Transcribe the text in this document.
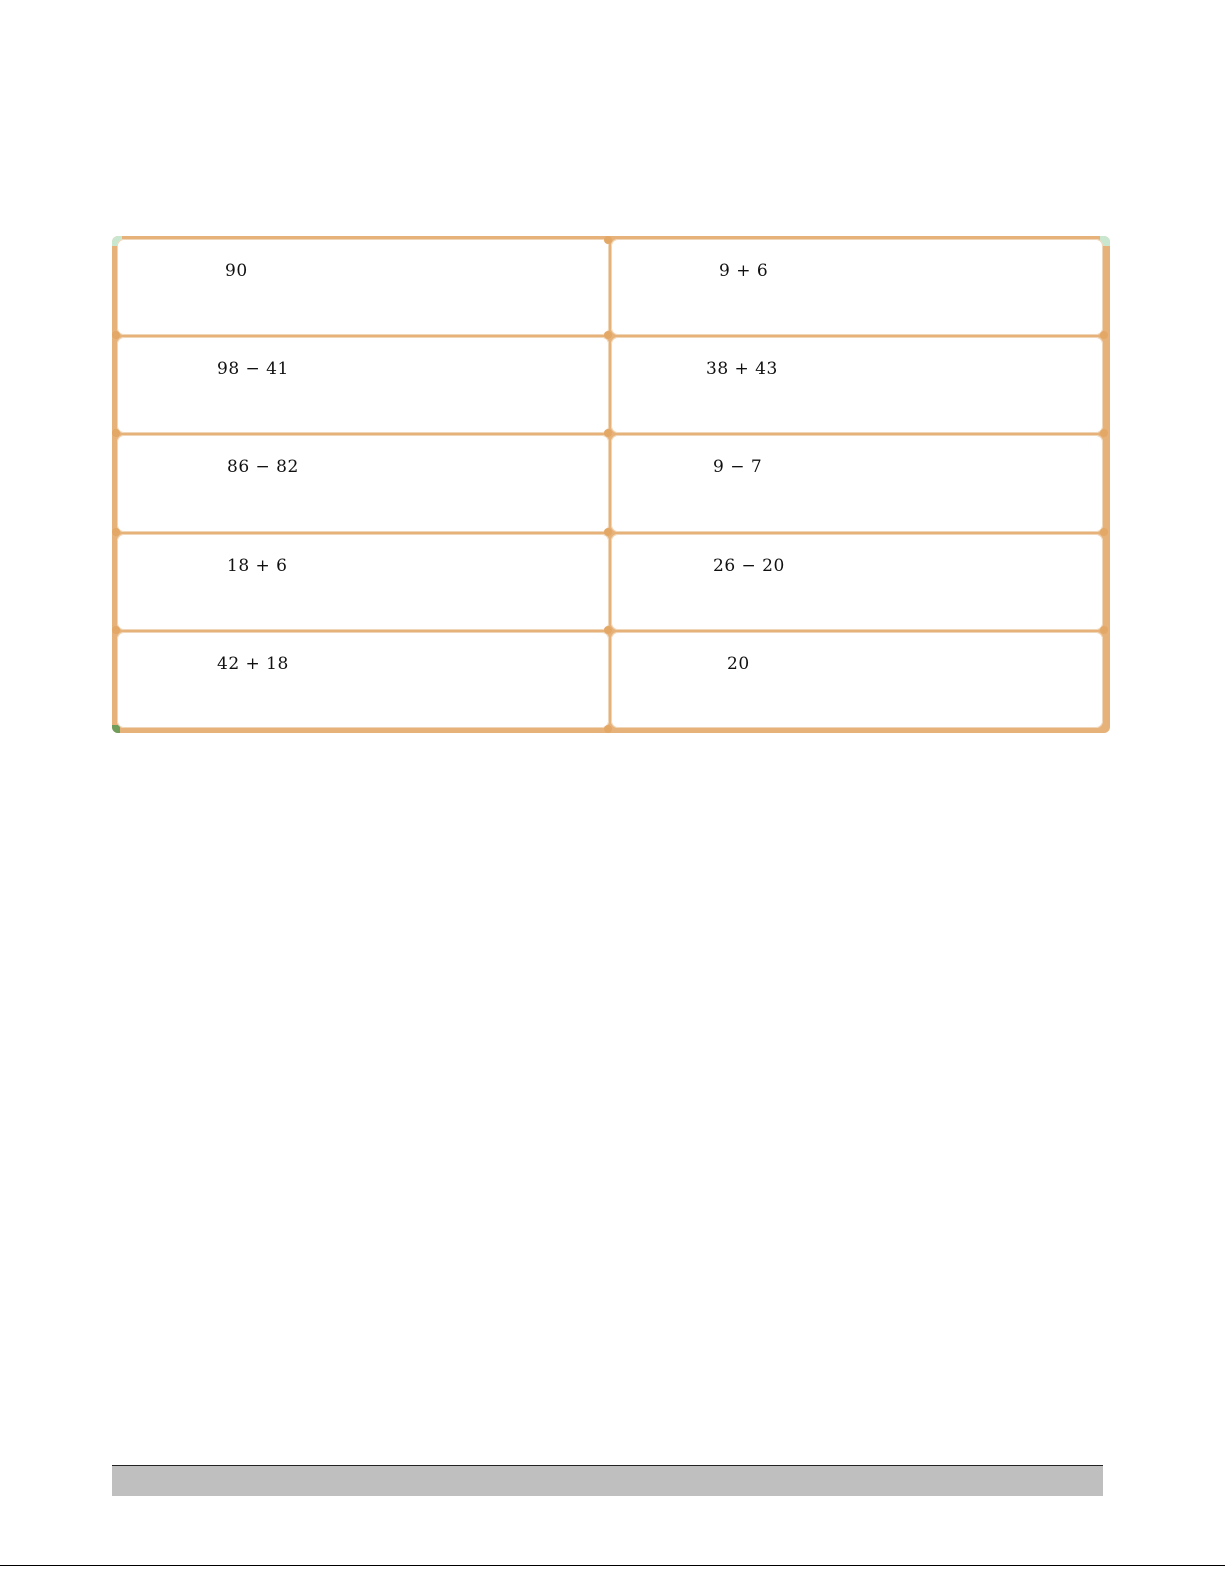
90	9 + 6
98 − 41	38 + 43
86 − 82	9 − 7
18 + 6	26 − 20
42 + 18	20
